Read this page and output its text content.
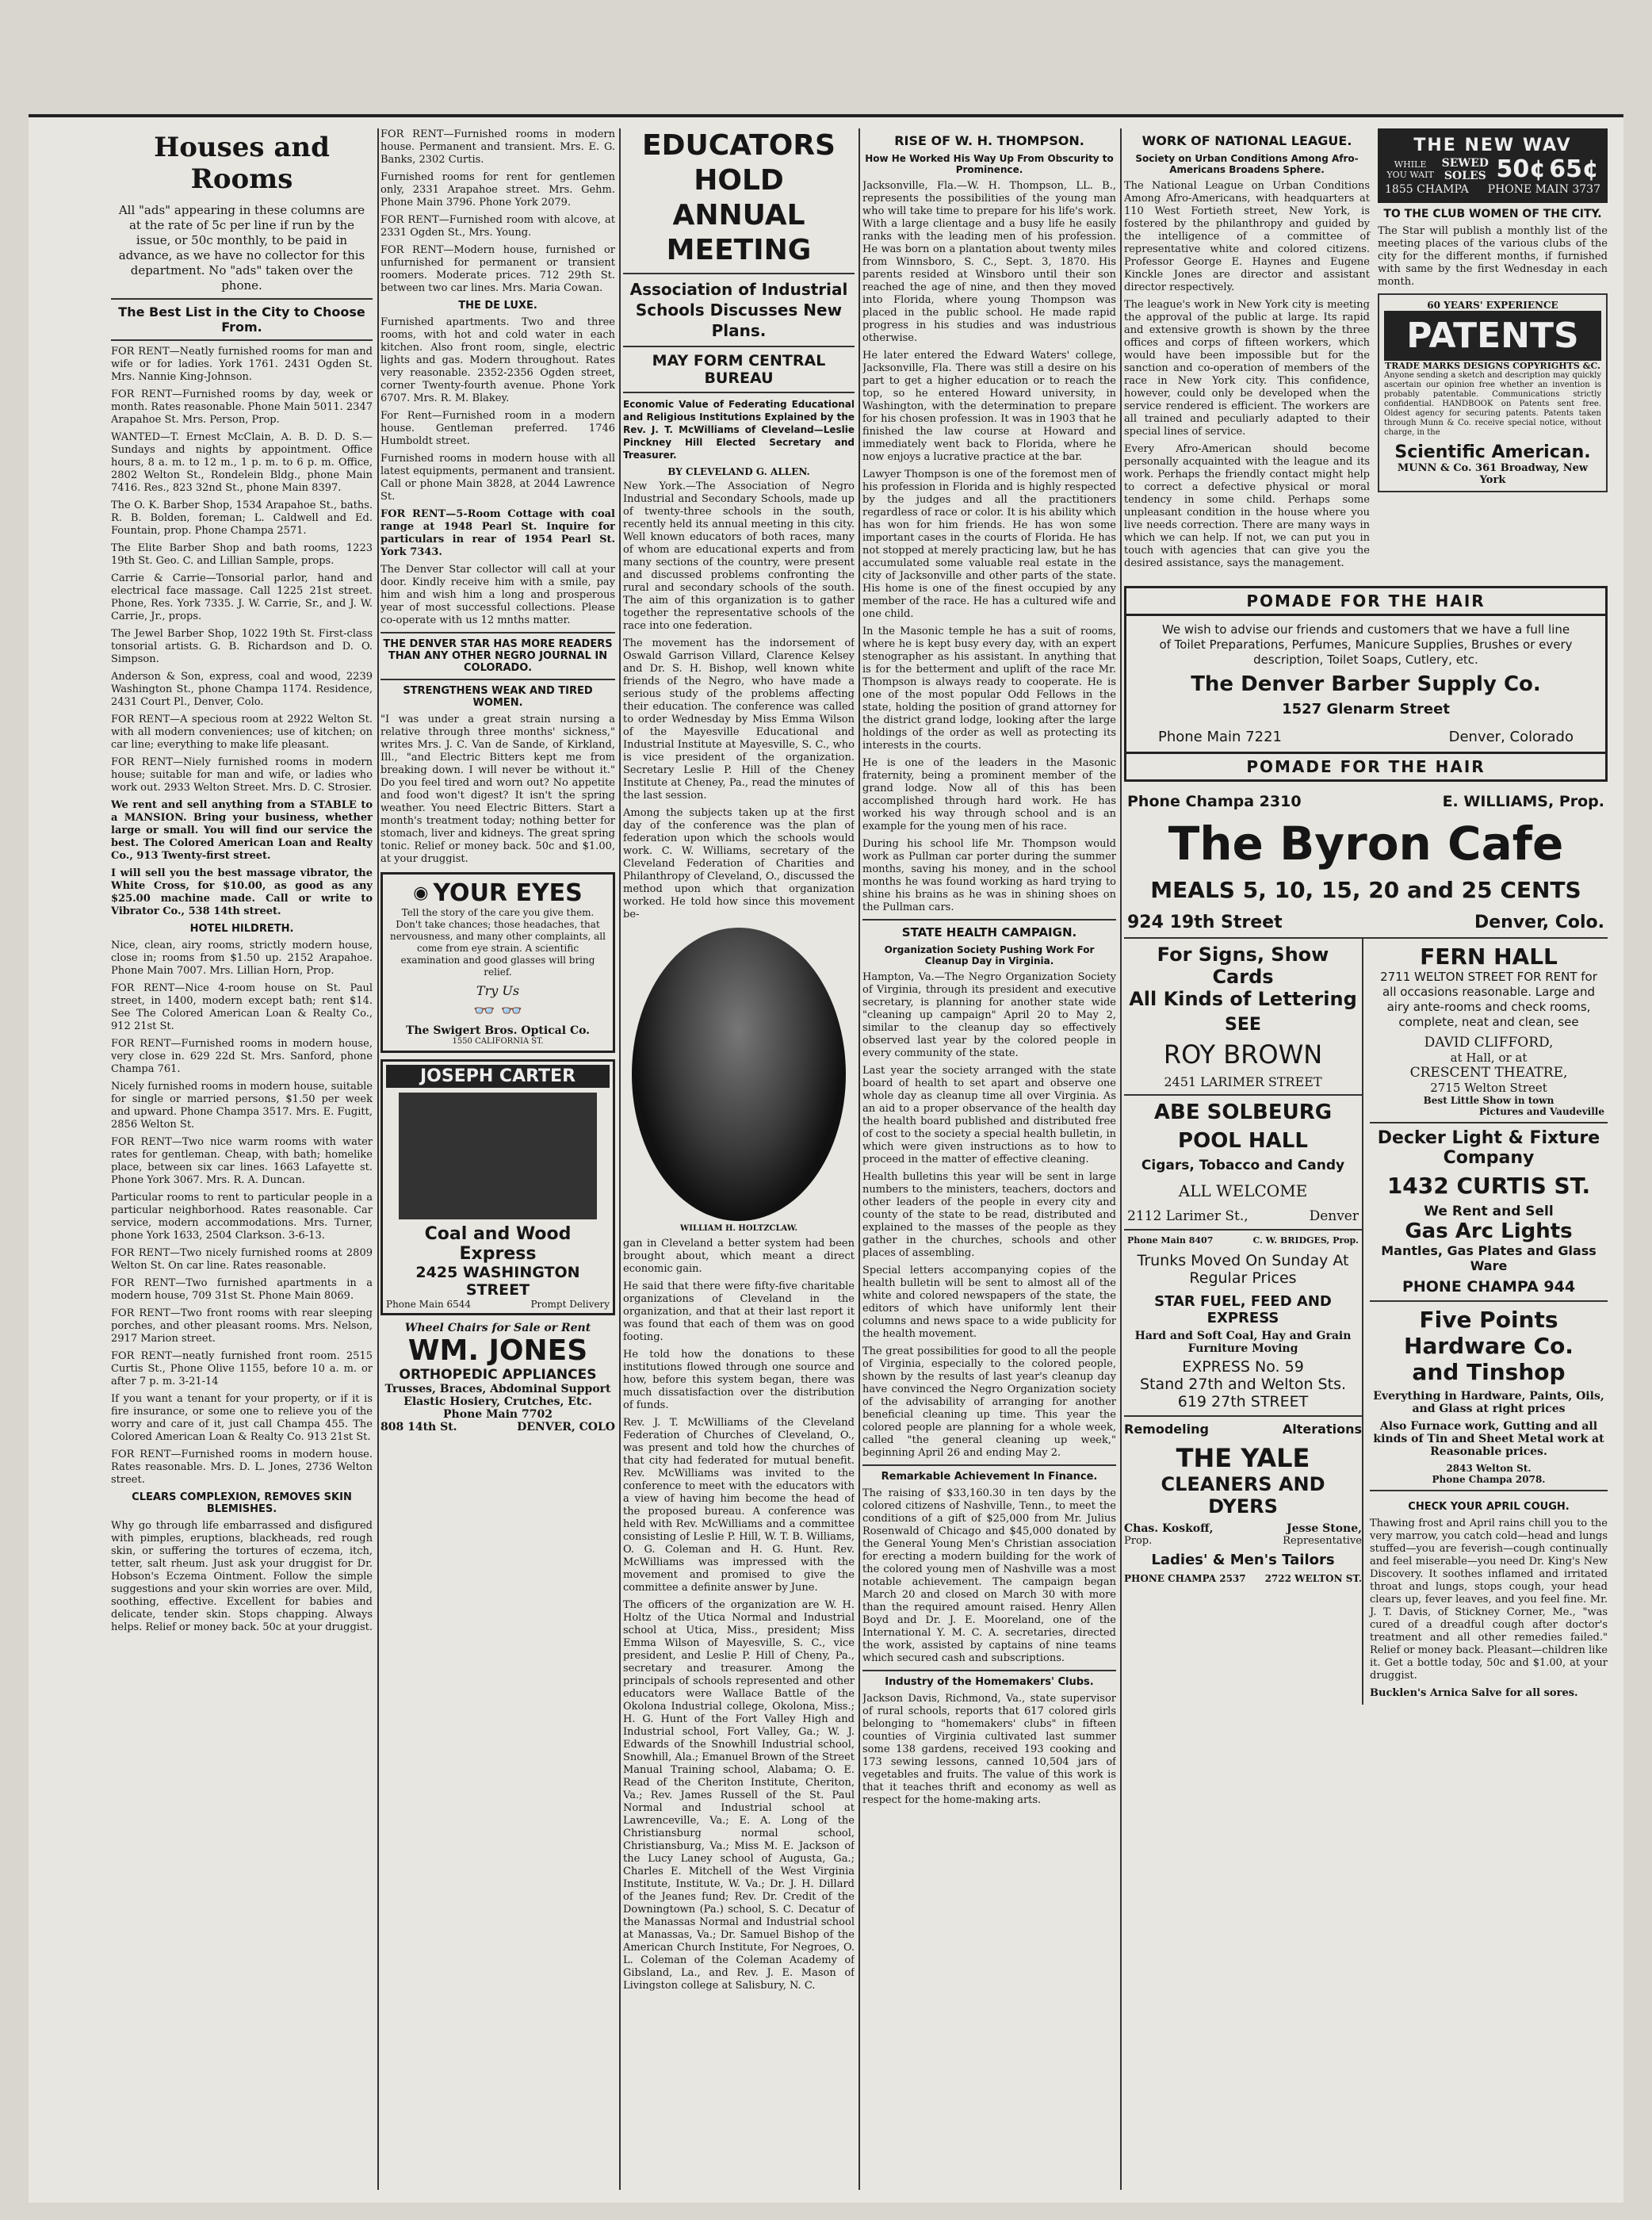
Houses and Rooms

All "ads" appearing in these columns are at the rate of 5c per line if run by the issue, or 50c monthly, to be paid in advance, as we have no collector for this department. No "ads" taken over the phone.

The Best List in the City to Choose From.

FOR RENT—Neatly furnished rooms for man and wife or for ladies. York 1761. 2431 Ogden St. Mrs. Nannie King-Johnson.

FOR RENT—Furnished rooms by day, week or month. Rates reasonable. Phone Main 5011. 2347 Arapahoe St. Mrs. Person, Prop.

WANTED—T. Ernest McClain, A. B. D. D. S.—Sundays and nights by appointment. Office hours, 8 a. m. to 12 m., 1 p. m. to 6 p. m. Office, 2802 Welton St., Rondelein Bldg., phone Main 7416. Res., 823 32nd St., phone Main 8397.

The O. K. Barber Shop, 1534 Arapahoe St., baths. R. B. Bolden, foreman; L. Caldwell and Ed. Fountain, prop. Phone Champa 2571.

The Elite Barber Shop and bath rooms, 1223 19th St. Geo. C. and Lillian Sample, props.

Carrie & Carrie—Tonsorial parlor, hand and electrical face massage. Call 1225 21st street. Phone, Res. York 7335. J. W. Carrie, Sr., and J. W. Carrie, Jr., props.

The Jewel Barber Shop, 1022 19th St. First-class tonsorial artists. G. B. Richardson and D. O. Simpson.

Anderson & Son, express, coal and wood, 2239 Washington St., phone Champa 1174. Residence, 2431 Court Pl., Denver, Colo.

FOR RENT—A specious room at 2922 Welton St. with all modern conveniences; use of kitchen; on car line; everything to make life pleasant.

FOR RENT—Niely furnished rooms in modern house; suitable for man and wife, or ladies who work out. 2933 Welton Street. Mrs. D. C. Strosier.

We rent and sell anything from a STABLE to a MANSION. Bring your business, whether large or small. You will find our service the best. The Colored American Loan and Realty Co., 913 Twenty-first street.

I will sell you the best massage vibrator, the White Cross, for $10.00, as good as any $25.00 machine made. Call or write to Vibrator Co., 538 14th street.

HOTEL HILDRETH.

Nice, clean, airy rooms, strictly modern house, close in; rooms from $1.50 up. 2152 Arapahoe. Phone Main 7007. Mrs. Lillian Horn, Prop.

FOR RENT—Nice 4-room house on St. Paul street, in 1400, modern except bath; rent $14. See The Colored American Loan & Realty Co., 912 21st St.

FOR RENT—Furnished rooms in modern house, very close in. 629 22d St. Mrs. Sanford, phone Champa 761.

Nicely furnished rooms in modern house, suitable for single or married persons, $1.50 per week and upward. Phone Champa 3517. Mrs. E. Fugitt, 2856 Welton St.

FOR RENT—Two nice warm rooms with water rates for gentleman. Cheap, with bath; homelike place, between six car lines. 1663 Lafayette st. Phone York 3067. Mrs. R. A. Duncan.

Particular rooms to rent to particular people in a particular neighborhood. Rates reasonable. Car service, modern accommodations. Mrs. Turner, phone York 1633, 2504 Clarkson. 3-6-13.

FOR RENT—Two nicely furnished rooms at 2809 Welton St. On car line. Rates reasonable.

FOR RENT—Two furnished apartments in a modern house, 709 31st St. Phone Main 8069.

FOR RENT—Two front rooms with rear sleeping porches, and other pleasant rooms. Mrs. Nelson, 2917 Marion street.

FOR RENT—neatly furnished front room. 2515 Curtis St., Phone Olive 1155, before 10 a. m. or after 7 p. m. 3-21-14

If you want a tenant for your property, or if it is fire insurance, or some one to relieve you of the worry and care of it, just call Champa 455. The Colored American Loan & Realty Co. 913 21st St.

FOR RENT—Furnished rooms in modern house. Rates reasonable. Mrs. D. L. Jones, 2736 Welton street.

CLEARS COMPLEXION, REMOVES SKIN BLEMISHES.

Why go through life embarrassed and disfigured with pimples, eruptions, blackheads, red rough skin, or suffering the tortures of eczema, itch, tetter, salt rheum. Just ask your druggist for Dr. Hobson's Eczema Ointment. Follow the simple suggestions and your skin worries are over. Mild, soothing, effective. Excellent for babies and delicate, tender skin. Stops chapping. Always helps. Relief or money back. 50c at your druggist.

FOR RENT—Furnished rooms in modern house. Permanent and transient. Mrs. E. G. Banks, 2302 Curtis.

Furnished rooms for rent for gentlemen only, 2331 Arapahoe street. Mrs. Gehm. Phone Main 3796. Phone York 2079.

FOR RENT—Furnished room with alcove, at 2331 Ogden St., Mrs. Young.

FOR RENT—Modern house, furnished or unfurnished for permanent or transient roomers. Moderate prices. 712 29th St. between two car lines. Mrs. Maria Cowan.

THE DE LUXE.

Furnished apartments. Two and three rooms, with hot and cold water in each kitchen. Also front room, single, electric lights and gas. Modern throughout. Rates very reasonable. 2352-2356 Ogden street, corner Twenty-fourth avenue. Phone York 6707. Mrs. R. M. Blakey.

For Rent—Furnished room in a modern house. Gentleman preferred. 1746 Humboldt street.

Furnished rooms in modern house with all latest equipments, permanent and transient. Call or phone Main 3828, at 2044 Lawrence St.

FOR RENT—5-Room Cottage with coal range at 1948 Pearl St. Inquire for particulars in rear of 1954 Pearl St. York 7343.

The Denver Star collector will call at your door. Kindly receive him with a smile, pay him and wish him a long and prosperous year of most successful collections. Please co-operate with us 12 mnths matter.

THE DENVER STAR HAS MORE READERS THAN ANY OTHER NEGRO JOURNAL IN COLORADO.
STRENGTHENS WEAK AND TIRED WOMEN.

"I was under a great strain nursing a relative through three months' sickness," writes Mrs. J. C. Van de Sande, of Kirkland, Ill., "and Electric Bitters kept me from breaking down. I will never be without it." Do you feel tired and worn out? No appetite and food won't digest? It isn't the spring weather. You need Electric Bitters. Start a month's treatment today; nothing better for stomach, liver and kidneys. The great spring tonic. Relief or money back. 50c and $1.00, at your druggist.

◉ YOUR EYES

Tell the story of the care you give them. Don't take chances; those headaches, that nervousness, and many other complaints, all come from eye strain. A scientific examination and good glasses will bring relief.

Try Us
👓 👓
The Swigert Bros. Optical Co.
1550 CALIFORNIA ST.
JOSEPH CARTER
Coal and Wood
Express
2425 WASHINGTON STREET
Phone Main 6544	Prompt Delivery
Wheel Chairs for Sale or Rent
WM. JONES
ORTHOPEDIC APPLIANCES
Trusses, Braces, Abdominal Support Elastic Hosiery, Crutches, Etc.
Phone Main 7702
808 14th St.	DENVER, COLO
EDUCATORS HOLD
ANNUAL MEETING
Association of Industrial Schools Discusses New Plans.
MAY FORM CENTRAL BUREAU

Economic Value of Federating Educational and Religious Institutions Explained by the Rev. J. T. McWilliams of Cleveland—Leslie Pinckney Hill Elected Secretary and Treasurer.

BY CLEVELAND G. ALLEN.

New York.—The Association of Negro Industrial and Secondary Schools, made up of twenty-three schools in the south, recently held its annual meeting in this city. Well known educators of both races, many of whom are educational experts and from many sections of the country, were present and discussed problems confronting the rural and secondary schools of the south. The aim of this organization is to gather together the representative schools of the race into one federation.

The movement has the indorsement of Oswald Garrison Villard, Clarence Kelsey and Dr. S. H. Bishop, well known white friends of the Negro, who have made a serious study of the problems affecting their education. The conference was called to order Wednesday by Miss Emma Wilson of the Mayesville Educational and Industrial Institute at Mayesville, S. C., who is vice president of the organization. Secretary Leslie P. Hill of the Cheney Institute at Cheney, Pa., read the minutes of the last session.

Among the subjects taken up at the first day of the conference was the plan of federation upon which the schools would work. C. W. Williams, secretary of the Cleveland Federation of Charities and Philanthropy of Cleveland, O., discussed the method upon which that organization worked. He told how since this movement be-

WILLIAM H. HOLTZCLAW.

gan in Cleveland a better system had been brought about, which meant a direct economic gain.

He said that there were fifty-five charitable organizations of Cleveland in the organization, and that at their last report it was found that each of them was on good footing.

He told how the donations to these institutions flowed through one source and how, before this system began, there was much dissatisfaction over the distribution of funds.

Rev. J. T. McWilliams of the Cleveland Federation of Churches of Cleveland, O., was present and told how the churches of that city had federated for mutual benefit. Rev. McWilliams was invited to the conference to meet with the educators with a view of having him become the head of the proposed bureau. A conference was held with Rev. McWilliams and a committee consisting of Leslie P. Hill, W. T. B. Williams, O. G. Coleman and H. G. Hunt. Rev. McWilliams was impressed with the movement and promised to give the committee a definite answer by June.

The officers of the organization are W. H. Holtz of the Utica Normal and Industrial school at Utica, Miss., president; Miss Emma Wilson of Mayesville, S. C., vice president, and Leslie P. Hill of Cheny, Pa., secretary and treasurer. Among the principals of schools represented and other educators were Wallace Battle of the Okolona Industrial college, Okolona, Miss.; H. G. Hunt of the Fort Valley High and Industrial school, Fort Valley, Ga.; W. J. Edwards of the Snowhill Industrial school, Snowhill, Ala.; Emanuel Brown of the Street Manual Training school, Alabama; O. E. Read of the Cheriton Institute, Cheriton, Va.; Rev. James Russell of the St. Paul Normal and Industrial school at Lawrenceville, Va.; E. A. Long of the Christiansburg normal school, Christiansburg, Va.; Miss M. E. Jackson of the Lucy Laney school of Augusta, Ga.; Charles E. Mitchell of the West Virginia Institute, Institute, W. Va.; Dr. J. H. Dillard of the Jeanes fund; Rev. Dr. Credit of the Downingtown (Pa.) school, S. C. Decatur of the Manassas Normal and Industrial school at Manassas, Va.; Dr. Samuel Bishop of the American Church Institute, For Negroes, O. L. Coleman of the Coleman Academy of Gibsland, La., and Rev. J. E. Mason of Livingston college at Salisbury, N. C.

RISE OF W. H. THOMPSON.
How He Worked His Way Up From Obscurity to Prominence.

Jacksonville, Fla.—W. H. Thompson, LL. B., represents the possibilities of the young man who will take time to prepare for his life's work. With a large clientage and a busy life he easily ranks with the leading men of his profession. He was born on a plantation about twenty miles from Winnsboro, S. C., Sept. 3, 1870. His parents resided at Winsboro until their son reached the age of nine, and then they moved into Florida, where young Thompson was placed in the public school. He made rapid progress in his studies and was industrious otherwise.

He later entered the Edward Waters' college, Jacksonville, Fla. There was still a desire on his part to get a higher education or to reach the top, so he entered Howard university, in Washington, with the determination to prepare for his chosen profession. It was in 1903 that he finished the law course at Howard and immediately went back to Florida, where he now enjoys a lucrative practice at the bar.

Lawyer Thompson is one of the foremost men of his profession in Florida and is highly respected by the judges and all the practitioners regardless of race or color. It is his ability which has won for him friends. He has won some important cases in the courts of Florida. He has not stopped at merely practicing law, but he has accumulated some valuable real estate in the city of Jacksonville and other parts of the state. His home is one of the finest occupied by any member of the race. He has a cultured wife and one child.

In the Masonic temple he has a suit of rooms, where he is kept busy every day, with an expert stenographer as his assistant. In anything that is for the betterment and uplift of the race Mr. Thompson is always ready to cooperate. He is one of the most popular Odd Fellows in the state, holding the position of grand attorney for the district grand lodge, looking after the large holdings of the order as well as protecting its interests in the courts.

He is one of the leaders in the Masonic fraternity, being a prominent member of the grand lodge. Now all of this has been accomplished through hard work. He has worked his way through school and is an example for the young men of his race.

During his school life Mr. Thompson would work as Pullman car porter during the summer months, saving his money, and in the school months he was found working as hard trying to shine his brains as he was in shining shoes on the Pullman cars.

STATE HEALTH CAMPAIGN.
Organization Society Pushing Work For Cleanup Day in Virginia.

Hampton, Va.—The Negro Organization Society of Virginia, through its president and executive secretary, is planning for another state wide "cleaning up campaign" April 20 to May 2, similar to the cleanup day so effectively observed last year by the colored people in every community of the state.

Last year the society arranged with the state board of health to set apart and observe one whole day as cleanup time all over Virginia. As an aid to a proper observance of the health day the health board published and distributed free of cost to the society a special health bulletin, in which were given instructions as to how to proceed in the matter of effective cleaning.

Health bulletins this year will be sent in large numbers to the ministers, teachers, doctors and other leaders of the people in every city and county of the state to be read, distributed and explained to the masses of the people as they gather in the churches, schools and other places of assembling.

Special letters accompanying copies of the health bulletin will be sent to almost all of the white and colored newspapers of the state, the editors of which have uniformly lent their columns and news space to a wide publicity for the health movement.

The great possibilities for good to all the people of Virginia, especially to the colored people, shown by the results of last year's cleanup day have convinced the Negro Organization society of the advisability of arranging for another beneficial cleaning up time. This year the colored people are planning for a whole week, called "the general cleaning up week," beginning April 26 and ending May 2.

Remarkable Achievement In Finance.

The raising of $33,160.30 in ten days by the colored citizens of Nashville, Tenn., to meet the conditions of a gift of $25,000 from Mr. Julius Rosenwald of Chicago and $45,000 donated by the General Young Men's Christian association for erecting a modern building for the work of the colored young men of Nashville was a most notable achievement. The campaign began March 20 and closed on March 30 with more than the required amount raised. Henry Allen Boyd and Dr. J. E. Mooreland, one of the International Y. M. C. A. secretaries, directed the work, assisted by captains of nine teams which secured cash and subscriptions.

Industry of the Homemakers' Clubs.

Jackson Davis, Richmond, Va., state supervisor of rural schools, reports that 617 colored girls belonging to "homemakers' clubs" in fifteen counties of Virginia cultivated last summer some 138 gardens, received 193 cooking and 173 sewing lessons, canned 10,504 jars of vegetables and fruits. The value of this work is that it teaches thrift and economy as well as respect for the home-making arts.

WORK OF NATIONAL LEAGUE.
Society on Urban Conditions Among Afro-Americans Broadens Sphere.

The National League on Urban Conditions Among Afro-Americans, with headquarters at 110 West Fortieth street, New York, is fostered by the philanthropy and guided by the intelligence of a committee of representative white and colored citizens. Professor George E. Haynes and Eugene Kinckle Jones are director and assistant director respectively.

The league's work in New York city is meeting the approval of the public at large. Its rapid and extensive growth is shown by the three offices and corps of fifteen workers, which would have been impossible but for the sanction and co-operation of members of the race in New York city. This confidence, however, could only be developed when the service rendered is efficient. The workers are all trained and peculiarly adapted to their special lines of service.

Every Afro-American should become personally acquainted with the league and its work. Perhaps the friendly contact might help to correct a defective physical or moral tendency in some child. Perhaps some unpleasant condition in the house where you live needs correction. There are many ways in which we can help. If not, we can put you in touch with agencies that can give you the desired assistance, says the management.

THE NEW WAV
WHILE YOU WAIT
SEWED SOLES 50¢ 65¢
1855 CHAMPA PHONE MAIN 3737
TO THE CLUB WOMEN OF THE CITY.

The Star will publish a monthly list of the meeting places of the various clubs of the city for the different months, if furnished with same by the first Wednesday in each month.

60 YEARS' EXPERIENCE
PATENTS
TRADE MARKS DESIGNS COPYRIGHTS &C.

Anyone sending a sketch and description may quickly ascertain our opinion free whether an invention is probably patentable. Communications strictly confidential. HANDBOOK on Patents sent free. Oldest agency for securing patents. Patents taken through Munn & Co. receive special notice, without charge, in the

Scientific American.
MUNN & Co. 361 Broadway, New York
POMADE FOR THE HAIR

We wish to advise our friends and customers that we have a full line of Toilet Preparations, Perfumes, Manicure Supplies, Brushes or every description, Toilet Soaps, Cutlery, etc.

The Denver Barber Supply Co.
1527 Glenarm Street
Phone Main 7221	Denver, Colorado
POMADE FOR THE HAIR
Phone Champa 2310	E. WILLIAMS, Prop.
The Byron Cafe
MEALS 5, 10, 15, 20 and 25 CENTS
924 19th Street	Denver, Colo.
For Signs, Show Cards
All Kinds of Lettering
SEE
ROY BROWN
2451 LARIMER STREET
ABE SOLBEURG
POOL HALL
Cigars, Tobacco and Candy
ALL WELCOME
2112 Larimer St.,	Denver
Phone Main 8407	C. W. BRIDGES, Prop.
Trunks Moved On Sunday At Regular Prices
STAR FUEL, FEED AND EXPRESS
Hard and Soft Coal, Hay and Grain Furniture Moving
EXPRESS No. 59
Stand 27th and Welton Sts.
619 27th STREET
Remodeling	Alterations
THE YALE
CLEANERS AND DYERS
Chas. Koskoff,	Jesse Stone,
Prop.	Representative
Ladies' & Men's Tailors
PHONE CHAMPA 2537 2722 WELTON ST.
FERN HALL

2711 WELTON STREET FOR RENT for all occasions reasonable. Large and airy ante-rooms and check rooms, complete, neat and clean, see

DAVID CLIFFORD,
at Hall, or at
CRESCENT THEATRE,
2715 Welton Street
Best Little Show in town
Pictures and Vaudeville
Decker Light & Fixture
Company
1432 CURTIS ST.
We Rent and Sell
Gas Arc Lights
Mantles, Gas Plates and Glass Ware
PHONE CHAMPA 944
Five Points
Hardware Co.
and Tinshop
Everything in Hardware, Paints, Oils, and Glass at right prices
Also Furnace work, Gutting and all kinds of Tin and Sheet Metal work at Reasonable prices.
2843 Welton St.
Phone Champa 2078.
CHECK YOUR APRIL COUGH.

Thawing frost and April rains chill you to the very marrow, you catch cold—head and lungs stuffed—you are feverish—cough continually and feel miserable—you need Dr. King's New Discovery. It soothes inflamed and irritated throat and lungs, stops cough, your head clears up, fever leaves, and you feel fine. Mr. J. T. Davis, of Stickney Corner, Me., "was cured of a dreadful cough after doctor's treatment and all other remedies failed." Relief or money back. Pleasant—children like it. Get a bottle today, 50c and $1.00, at your druggist.

Bucklen's Arnica Salve for all sores.
